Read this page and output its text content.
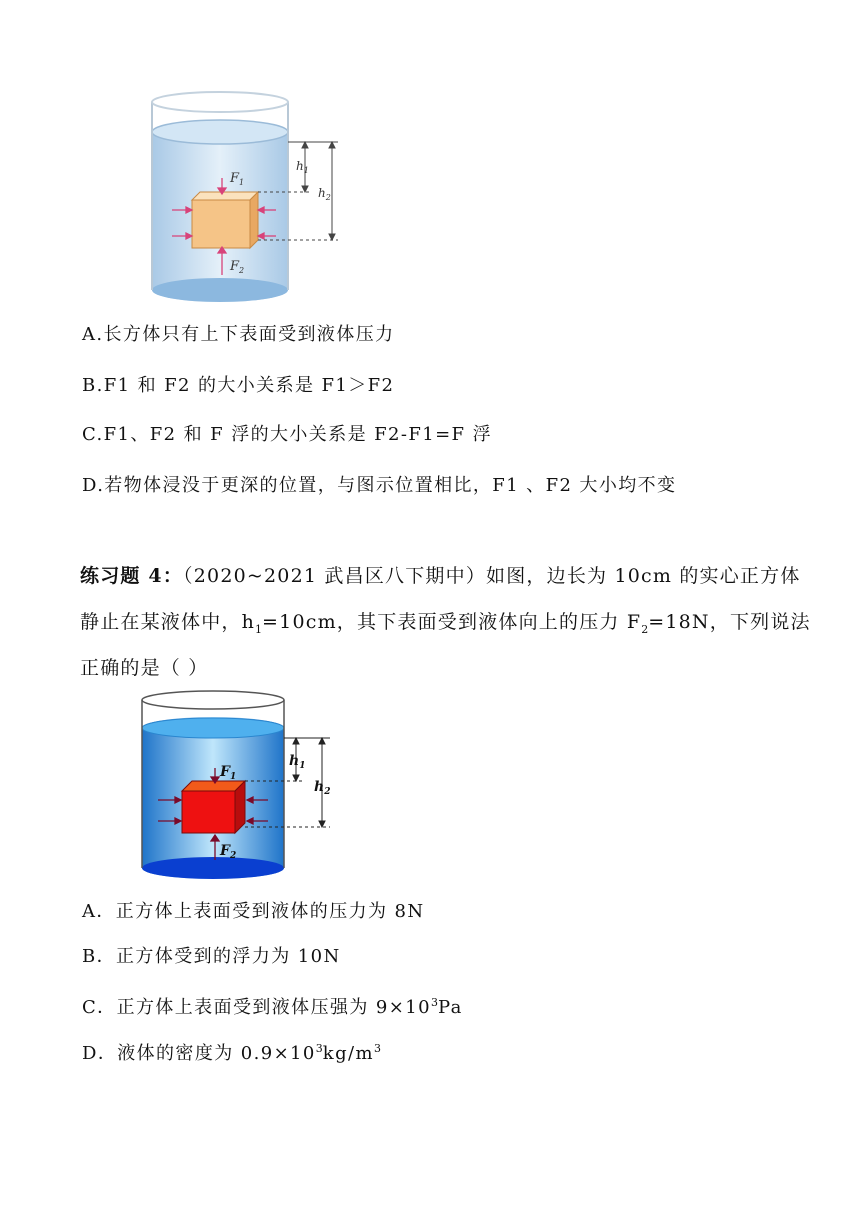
$F_1$
$F_2$
$h_1$
$h_2$
A.长方体只有上下表面受到液体压力
B.F1 和 F2 的大小关系是 F1＞F2
C.F1、F2 和 F 浮的大小关系是 F2-F1=F 浮
D.若物体浸没于更深的位置，与图示位置相比，F1 、F2 大小均不变
练习题 4：（2020~2021 武昌区八下期中）如图，边长为 10cm 的实心正方体
静止在某液体中，$h_1=10cm$，其下表面受到液体向上的压力 $F_2=18N$，下列说法
正确的是（ ）
$F_1$
$F_2$
$h_1$
$h_2$
A．正方体上表面受到液体的压力为 8N
B．正方体受到的浮力为 10N
C．正方体上表面受到液体压强为 $9\times 10^3Pa$
D．液体的密度为 $0.9\times 10^3kg/m^3$
